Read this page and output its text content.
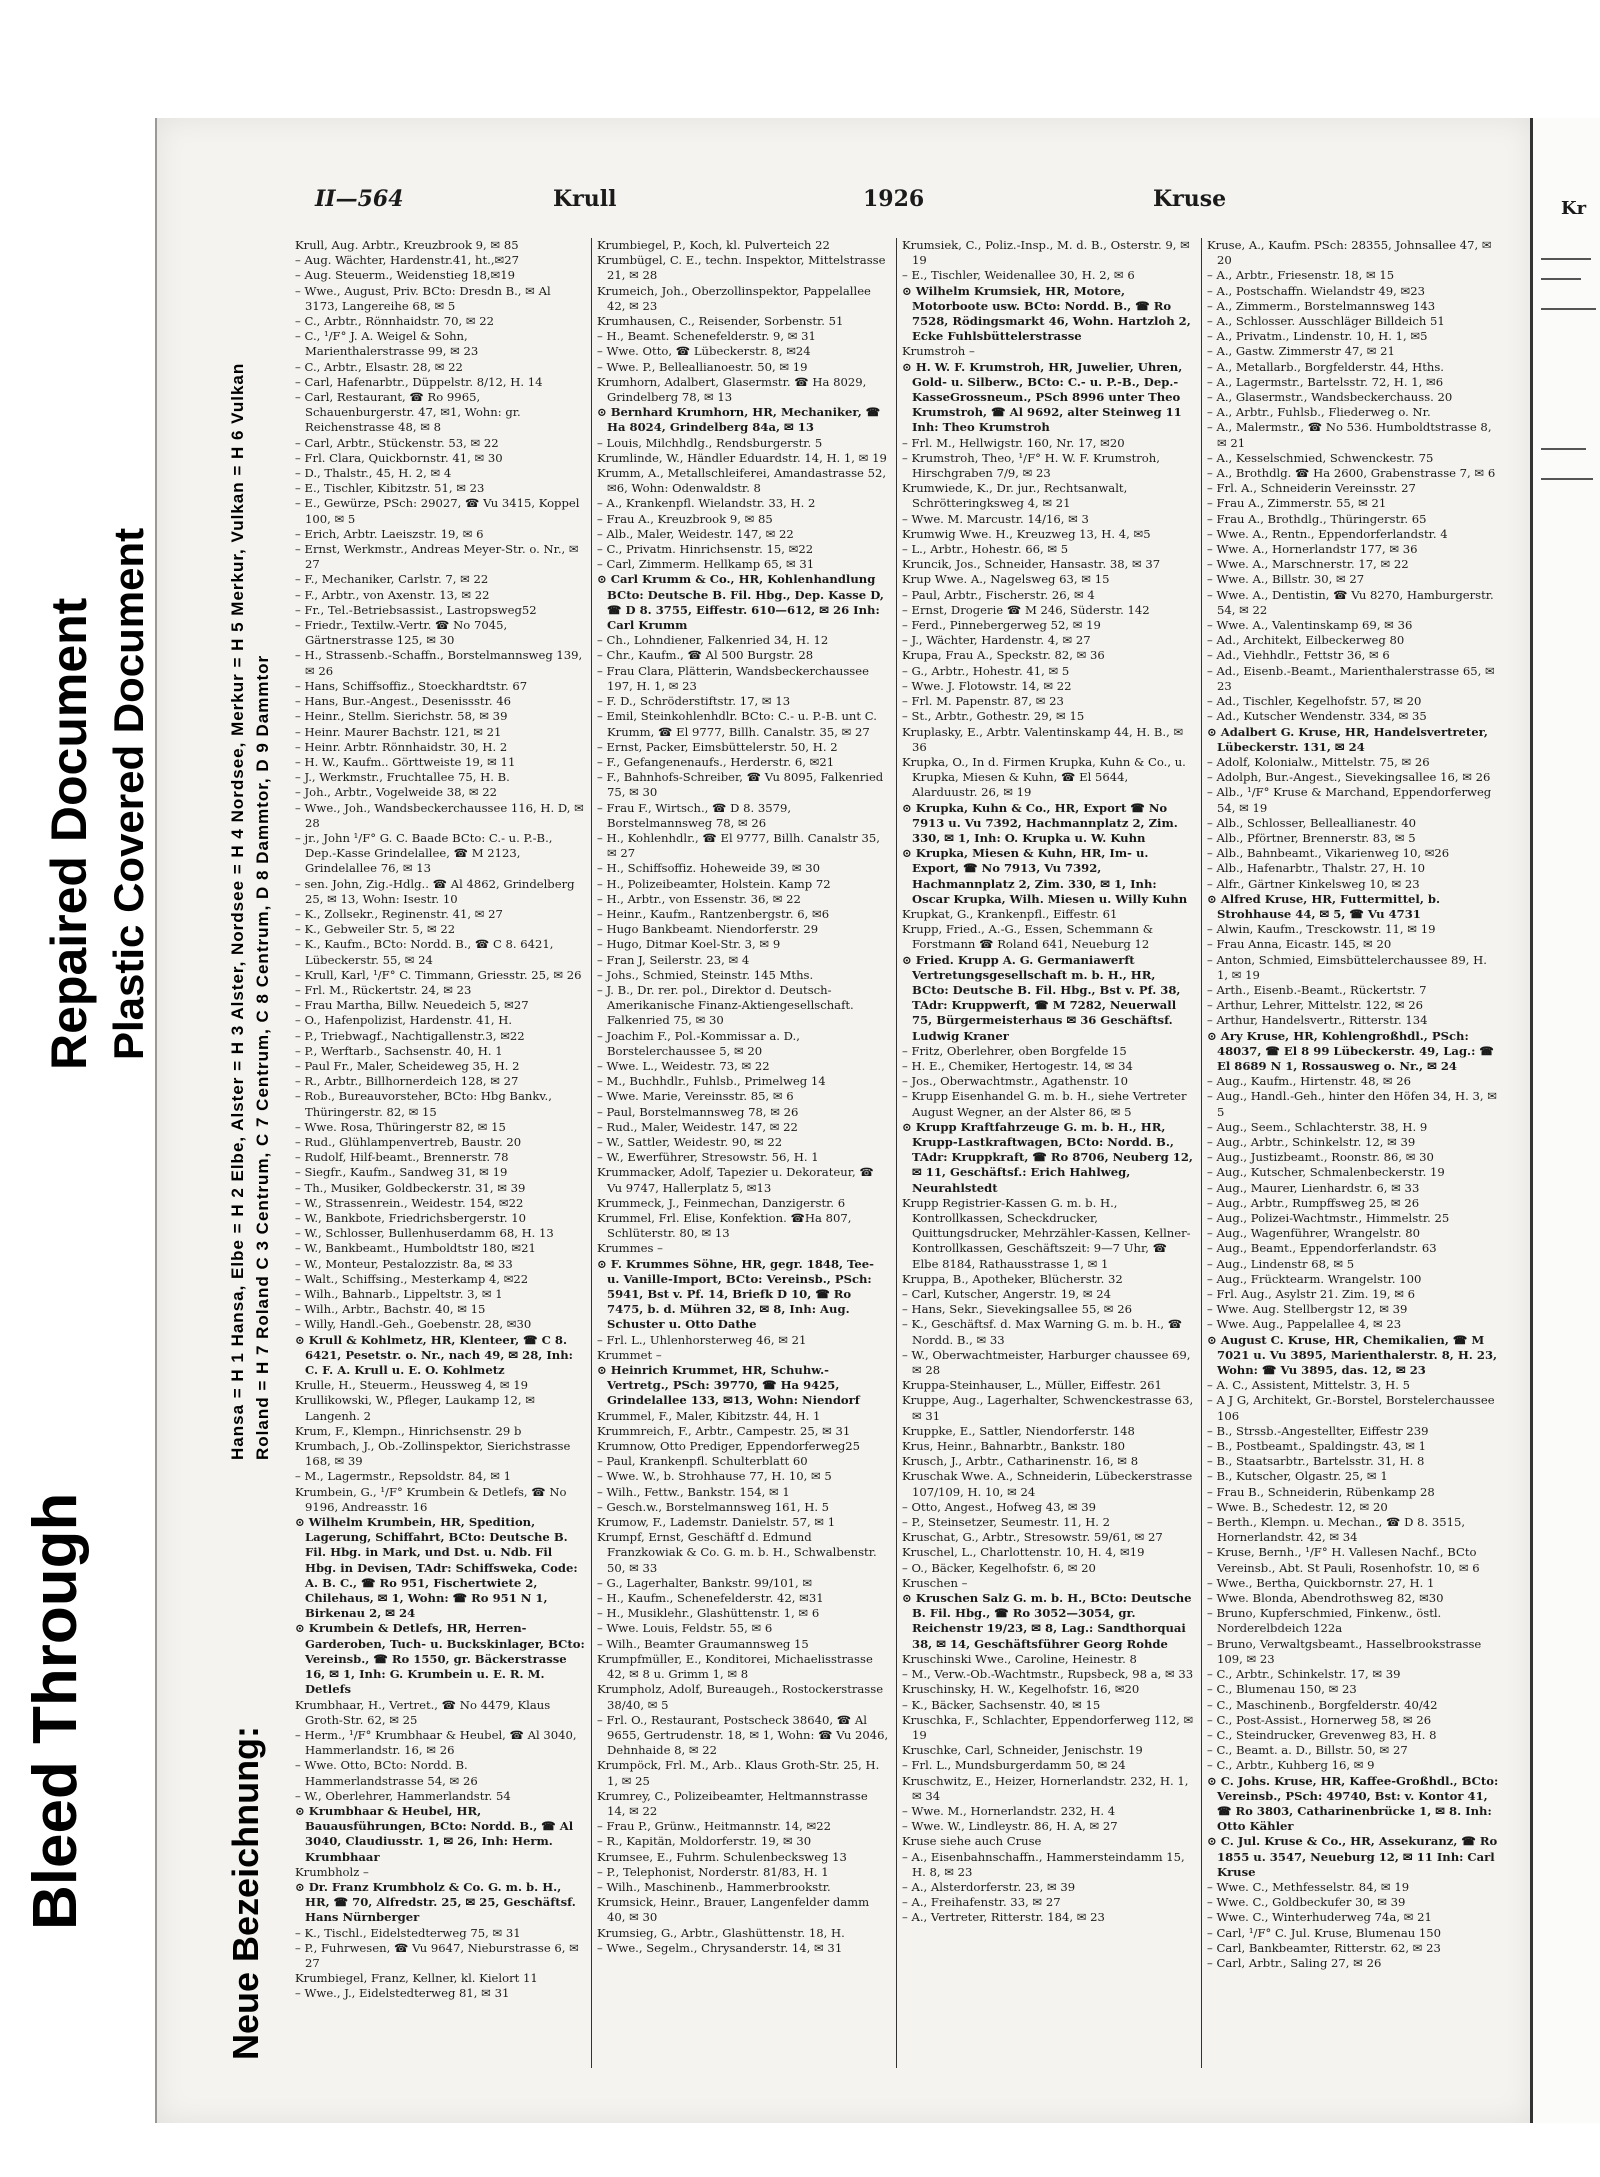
Bleed Through
Repaired Document Plastic Covered Document
Neue Bezeichnung:
Hansa = H 1 Hansa, Elbe = H 2 Elbe, Alster = H 3 Alster, Nordsee = H 4 Nordsee, Merkur = H 5 Merkur, Vulkan = H 6 Vulkan Roland = H 7 Roland C 3 Centrum, C 7 Centrum, C 8 Centrum, D 8 Dammtor, D 9 Dammtor
Kr
II—564	Krull	1926	Kruse
Krull, Aug. Arbtr., Kreuzbrook 9, ✉ 85
– Aug. Wächter, Hardenstr.41, ht.,✉27
– Aug. Steuerm., Weidenstieg 18,✉19
– Wwe., August, Priv. BCto: Dresdn B., ✉ Al 3173, Langereihe 68, ✉ 5
– C., Arbtr., Rönnhaidstr. 70, ✉ 22
– C., ¹/F° J. A. Weigel & Sohn, Marienthalerstrasse 99, ✉ 23
– C., Arbtr., Elsastr. 28, ✉ 22
– Carl, Hafenarbtr., Düppelstr. 8/12, H. 14
– Carl, Restaurant, ☎ Ro 9965, Schauenburgerstr. 47, ✉1, Wohn: gr. Reichenstrasse 48, ✉ 8
– Carl, Arbtr., Stückenstr. 53, ✉ 22
– Frl. Clara, Quickbornstr. 41, ✉ 30
– D., Thalstr., 45, H. 2, ✉ 4
– E., Tischler, Kibitzstr. 51, ✉ 23
– E., Gewürze, PSch: 29027, ☎ Vu 3415, Koppel 100, ✉ 5
– Erich, Arbtr. Laeiszstr. 19, ✉ 6
– Ernst, Werkmstr., Andreas Meyer-Str. o. Nr., ✉ 27
– F., Mechaniker, Carlstr. 7, ✉ 22
– F., Arbtr., von Axenstr. 13, ✉ 22
– Fr., Tel.-Betriebsassist., Lastropsweg52
– Friedr., Textilw.-Vertr. ☎ No 7045, Gärtnerstrasse 125, ✉ 30
– H., Strassenb.-Schaffn., Borstelmannsweg 139, ✉ 26
– Hans, Schiffsoffiz., Stoeckhardtstr. 67
– Hans, Bur.-Angest., Desenissstr. 46
– Heinr., Stellm. Sierichstr. 58, ✉ 39
– Heinr. Maurer Bachstr. 121, ✉ 21
– Heinr. Arbtr. Rönnhaidstr. 30, H. 2
– H. W., Kaufm.. Görttweiste 19, ✉ 11
– J., Werkmstr., Fruchtallee 75, H. B.
– Joh., Arbtr., Vogelweide 38, ✉ 22
– Wwe., Joh., Wandsbeckerchaussee 116, H. D, ✉ 28
– jr., John ¹/F° G. C. Baade BCto: C.- u. P.-B., Dep.-Kasse Grindelallee, ☎ M 2123, Grindelallee 76, ✉ 13
– sen. John, Zig.-Hdlg.. ☎ Al 4862, Grindelberg 25, ✉ 13, Wohn: Isestr. 10
– K., Zollsekr., Reginenstr. 41, ✉ 27
– K., Gebweiler Str. 5, ✉ 22
– K., Kaufm., BCto: Nordd. B., ☎ C 8. 6421, Lübeckerstr. 55, ✉ 24
– Krull, Karl, ¹/F° C. Timmann, Griesstr. 25, ✉ 26
– Frl. M., Rückertstr. 24, ✉ 23
– Frau Martha, Billw. Neuedeich 5, ✉27
– O., Hafenpolizist, Hardenstr. 41, H.
– P., Triebwagf., Nachtigallenstr.3, ✉22
– P., Werftarb., Sachsenstr. 40, H. 1
– Paul Fr., Maler, Scheideweg 35, H. 2
– R., Arbtr., Billhornerdeich 128, ✉ 27
– Rob., Bureauvorsteher, BCto: Hbg Bankv., Thüringerstr. 82, ✉ 15
– Wwe. Rosa, Thüringerstr 82, ✉ 15
– Rud., Glühlampenvertreb, Baustr. 20
– Rudolf, Hilf-beamt., Brennerstr. 78
– Siegfr., Kaufm., Sandweg 31, ✉ 19
– Th., Musiker, Goldbeckerstr. 31, ✉ 39
– W., Strassenrein., Weidestr. 154, ✉22
– W., Bankbote, Friedrichsbergerstr. 10
– W., Schlosser, Bullenhuserdamm 68, H. 13
– W., Bankbeamt., Humboldtstr 180, ✉21
– W., Monteur, Pestalozzistr. 8a, ✉ 33
– Walt., Schiffsing., Mesterkamp 4, ✉22
– Wilh., Bahnarb., Lippeltstr. 3, ✉ 1
– Wilh., Arbtr., Bachstr. 40, ✉ 15
– Willy, Handl.-Geh., Goebenstr. 28, ✉30
⊙ Krull & Kohlmetz, HR, Klenteer, ☎ C 8. 6421, Pesetstr. o. Nr., nach 49, ✉ 28, Inh: C. F. A. Krull u. E. O. Kohlmetz
Krulle, H., Steuerm., Heussweg 4, ✉ 19
Krullikowski, W., Pfleger, Laukamp 12, ✉ Langenh. 2
Krum, F., Klempn., Hinrichsenstr. 29 b
Krumbach, J., Ob.-Zollinspektor, Sierichstrasse 168, ✉ 39
– M., Lagermstr., Repsoldstr. 84, ✉ 1
Krumbein, G., ¹/F° Krumbein & Detlefs, ☎ No 9196, Andreasstr. 16
⊙ Wilhelm Krumbein, HR, Spedition, Lagerung, Schiffahrt, BCto: Deutsche B. Fil. Hbg. in Mark, und Dst. u. Ndb. Fil Hbg. in Devisen, TAdr: Schiffsweka, Code: A. B. C., ☎ Ro 951, Fischertwiete 2, Chilehaus, ✉ 1, Wohn: ☎ Ro 951 N 1, Birkenau 2, ✉ 24
⊙ Krumbein & Detlefs, HR, Herren-Garderoben, Tuch- u. Buckskinlager, BCto: Vereinsb., ☎ Ro 1550, gr. Bäckerstrasse 16, ✉ 1, Inh: G. Krumbein u. E. R. M. Detlefs
Krumbhaar, H., Vertret., ☎ No 4479, Klaus Groth-Str. 62, ✉ 25
– Herm., ¹/F° Krumbhaar & Heubel, ☎ Al 3040, Hammerlandstr. 16, ✉ 26
– Wwe. Otto, BCto: Nordd. B. Hammerlandstrasse 54, ✉ 26
– W., Oberlehrer, Hammerlandstr. 54
⊙ Krumbhaar & Heubel, HR, Bauausführungen, BCto: Nordd. B., ☎ Al 3040, Claudiusstr. 1, ✉ 26, Inh: Herm. Krumbhaar
Krumbholz –
⊙ Dr. Franz Krumbholz & Co. G. m. b. H., HR, ☎ 70, Alfredstr. 25, ✉ 25, Geschäftsf. Hans Nürnberger
– K., Tischl., Eidelstedterweg 75, ✉ 31
– P., Fuhrwesen, ☎ Vu 9647, Nieburstrasse 6, ✉ 27
Krumbiegel, Franz, Kellner, kl. Kielort 11
– Wwe., J., Eidelstedterweg 81, ✉ 31
Krumbiegel, P., Koch, kl. Pulverteich 22
Krumbügel, C. E., techn. Inspektor, Mittelstrasse 21, ✉ 28
Krumeich, Joh., Oberzollinspektor, Pappelallee 42, ✉ 23
Krumhausen, C., Reisender, Sorbenstr. 51
– H., Beamt. Schenefelderstr. 9, ✉ 31
– Wwe. Otto, ☎ Lübeckerstr. 8, ✉24
– Wwe. P., Belleallianoestr. 50, ✉ 19
Krumhorn, Adalbert, Glasermstr. ☎ Ha 8029, Grindelberg 78, ✉ 13
⊙ Bernhard Krumhorn, HR, Mechaniker, ☎ Ha 8024, Grindelberg 84a, ✉ 13
– Louis, Milchhdlg., Rendsburgerstr. 5
Krumlinde, W., Händler Eduardstr. 14, H. 1, ✉ 19
Krumm, A., Metallschleiferei, Amandastrasse 52, ✉6, Wohn: Odenwaldstr. 8
– A., Krankenpfl. Wielandstr. 33, H. 2
– Frau A., Kreuzbrook 9, ✉ 85
– Alb., Maler, Weidestr. 147, ✉ 22
– C., Privatm. Hinrichsenstr. 15, ✉22
– Carl, Zimmerm. Hellkamp 65, ✉ 31
⊙ Carl Krumm & Co., HR, Kohlenhandlung BCto: Deutsche B. Fil. Hbg., Dep. Kasse D, ☎ D 8. 3755, Eiffestr. 610—612, ✉ 26 Inh: Carl Krumm
– Ch., Lohndiener, Falkenried 34, H. 12
– Chr., Kaufm., ☎ Al 500 Burgstr. 28
– Frau Clara, Plätterin, Wandsbeckerchaussee 197, H. 1, ✉ 23
– F. D., Schröderstiftstr. 17, ✉ 13
– Emil, Steinkohlenhdlr. BCto: C.- u. P.-B. unt C. Krumm, ☎ El 9777, Billh. Canalstr. 35, ✉ 27
– Ernst, Packer, Eimsbüttelerstr. 50, H. 2
– F., Gefangenenaufs., Herderstr. 6, ✉21
– F., Bahnhofs-Schreiber, ☎ Vu 8095, Falkenried 75, ✉ 30
– Frau F., Wirtsch., ☎ D 8. 3579, Borstelmannsweg 78, ✉ 26
– H., Kohlenhdlr., ☎ El 9777, Billh. Canalstr 35, ✉ 27
– H., Schiffsoffiz. Hoheweide 39, ✉ 30
– H., Polizeibeamter, Holstein. Kamp 72
– H., Arbtr., von Essenstr. 36, ✉ 22
– Heinr., Kaufm., Rantzenbergstr. 6, ✉6
– Hugo Bankbeamt. Niendorferstr. 29
– Hugo, Ditmar Koel-Str. 3, ✉ 9
– Fran J, Seilerstr. 23, ✉ 4
– Johs., Schmied, Steinstr. 145 Mths.
– J. B., Dr. rer. pol., Direktor d. Deutsch-Amerikanische Finanz-Aktiengesellschaft. Falkenried 75, ✉ 30
– Joachim F., Pol.-Kommissar a. D., Borstelerchaussee 5, ✉ 20
– Wwe. L., Weidestr. 73, ✉ 22
– M., Buchhdlr., Fuhlsb., Primelweg 14
– Wwe. Marie, Vereinsstr. 85, ✉ 6
– Paul, Borstelmannsweg 78, ✉ 26
– Rud., Maler, Weidestr. 147, ✉ 22
– W., Sattler, Weidestr. 90, ✉ 22
– W., Ewerführer, Stresowstr. 56, H. 1
Krummacker, Adolf, Tapezier u. Dekorateur, ☎ Vu 9747, Hallerplatz 5, ✉13
Krummeck, J., Feinmechan, Danzigerstr. 6
Krummel, Frl. Elise, Konfektion. ☎Ha 807, Schlüterstr. 80, ✉ 13
Krummes –
⊙ F. Krummes Söhne, HR, gegr. 1848, Tee- u. Vanille-Import, BCto: Vereinsb., PSch: 5941, Bst v. Pf. 14, Briefk D 10, ☎ Ro 7475, b. d. Mühren 32, ✉ 8, Inh: Aug. Schuster u. Otto Dathe
– Frl. L., Uhlenhorsterweg 46, ✉ 21
Krummet –
⊙ Heinrich Krummet, HR, Schuhw.-Vertretg., PSch: 39770, ☎ Ha 9425, Grindelallee 133, ✉13, Wohn: Niendorf
Krummel, F., Maler, Kibitzstr. 44, H. 1
Krummreich, F., Arbtr., Campestr. 25, ✉ 31
Krumnow, Otto Prediger, Eppendorferweg25
– Paul, Krankenpfl. Schulterblatt 60
– Wwe. W., b. Strohhause 77, H. 10, ✉ 5
– Wilh., Fettw., Bankstr. 154, ✉ 1
– Gesch.w., Borstelmannsweg 161, H. 5
Krumow, F., Lademstr. Danielstr. 57, ✉ 1
Krumpf, Ernst, Geschäftf d. Edmund Franzkowiak & Co. G. m. b. H., Schwalbenstr. 50, ✉ 33
– G., Lagerhalter, Bankstr. 99/101, ✉
– H., Kaufm., Schenefelderstr. 42, ✉31
– H., Musiklehr., Glashüttenstr. 1, ✉ 6
– Wwe. Louis, Feldstr. 55, ✉ 6
– Wilh., Beamter Graumannsweg 15
Krumpfmüller, E., Konditorei, Michaelisstrasse 42, ✉ 8 u. Grimm 1, ✉ 8
Krumpholz, Adolf, Bureaugeh., Rostockerstrasse 38/40, ✉ 5
– Frl. O., Restaurant, Postscheck 38640, ☎ Al 9655, Gertrudenstr. 18, ✉ 1, Wohn: ☎ Vu 2046, Dehnhaide 8, ✉ 22
Krumpöck, Frl. M., Arb.. Klaus Groth-Str. 25, H. 1, ✉ 25
Krumrey, C., Polizeibeamter, Heltmannstrasse 14, ✉ 22
– Frau P., Grünw., Heitmannstr. 14, ✉22
– R., Kapitän, Moldorferstr. 19, ✉ 30
Krumsee, E., Fuhrm. Schulenbecksweg 13
– P., Telephonist, Norderstr. 81/83, H. 1
– Wilh., Maschinenb., Hammerbrookstr.
Krumsick, Heinr., Brauer, Langenfelder damm 40, ✉ 30
Krumsieg, G., Arbtr., Glashüttenstr. 18, H.
– Wwe., Segelm., Chrysanderstr. 14, ✉ 31
Krumsiek, C., Poliz.-Insp., M. d. B., Osterstr. 9, ✉ 19
– E., Tischler, Weidenallee 30, H. 2, ✉ 6
⊙ Wilhelm Krumsiek, HR, Motore, Motorboote usw. BCto: Nordd. B., ☎ Ro 7528, Rödingsmarkt 46, Wohn. Hartzloh 2, Ecke Fuhlsbüttelerstrasse
Krumstroh –
⊙ H. W. F. Krumstroh, HR, Juwelier, Uhren, Gold- u. Silberw., BCto: C.- u. P.-B., Dep.-KasseGrossneum., PSch 8996 unter Theo Krumstroh, ☎ Al 9692, alter Steinweg 11 Inh: Theo Krumstroh
– Frl. M., Hellwigstr. 160, Nr. 17, ✉20
– Krumstroh, Theo, ¹/F° H. W. F. Krumstroh, Hirschgraben 7/9, ✉ 23
Krumwiede, K., Dr. jur., Rechtsanwalt, Schrötteringksweg 4, ✉ 21
– Wwe. M. Marcustr. 14/16, ✉ 3
Krumwig Wwe. H., Kreuzweg 13, H. 4, ✉5
– L., Arbtr., Hohestr. 66, ✉ 5
Kruncik, Jos., Schneider, Hansastr. 38, ✉ 37
Krup Wwe. A., Nagelsweg 63, ✉ 15
– Paul, Arbtr., Fischerstr. 26, ✉ 4
– Ernst, Drogerie ☎ M 246, Süderstr. 142
– Ferd., Pinnebergerweg 52, ✉ 19
– J., Wächter, Hardenstr. 4, ✉ 27
Krupa, Frau A., Speckstr. 82, ✉ 36
– G., Arbtr., Hohestr. 41, ✉ 5
– Wwe. J. Flotowstr. 14, ✉ 22
– Frl. M. Papenstr. 87, ✉ 23
– St., Arbtr., Gothestr. 29, ✉ 15
Kruplasky, E., Arbtr. Valentinskamp 44, H. B., ✉36
Krupka, O., In d. Firmen Krupka, Kuhn & Co., u. Krupka, Miesen & Kuhn, ☎ El 5644, Alarduustr. 26, ✉ 19
⊙ Krupka, Kuhn & Co., HR, Export ☎ No 7913 u. Vu 7392, Hachmannplatz 2, Zim. 330, ✉ 1, Inh: O. Krupka u. W. Kuhn
⊙ Krupka, Miesen & Kuhn, HR, Im- u. Export, ☎ No 7913, Vu 7392, Hachmannplatz 2, Zim. 330, ✉ 1, Inh: Oscar Krupka, Wilh. Miesen u. Willy Kuhn
Krupkat, G., Krankenpfl., Eiffestr. 61
Krupp, Fried., A.-G., Essen, Schemmann & Forstmann ☎ Roland 641, Neueburg 12
⊙ Fried. Krupp A. G. Germaniawerft Vertretungsgesellschaft m. b. H., HR, BCto: Deutsche B. Fil. Hbg., Bst v. Pf. 38, TAdr: Kruppwerft, ☎ M 7282, Neuerwall 75, Bürgermeisterhaus ✉ 36 Geschäftsf. Ludwig Kraner
– Fritz, Oberlehrer, oben Borgfelde 15
– H. E., Chemiker, Hertogestr. 14, ✉ 34
– Jos., Oberwachtmstr., Agathenstr. 10
– Krupp Eisenhandel G. m. b. H., siehe Vertreter August Wegner, an der Alster 86, ✉ 5
⊙ Krupp Kraftfahrzeuge G. m. b. H., HR, Krupp-Lastkraftwagen, BCto: Nordd. B., TAdr: Kruppkraft, ☎ Ro 8706, Neuberg 12, ✉ 11, Geschäftsf.: Erich Hahlweg, Neurahlstedt
Krupp Registrier-Kassen G. m. b. H., Kontrollkassen, Scheckdrucker, Quittungsdrucker, Mehrzähler-Kassen, Kellner-Kontrollkassen, Geschäftszeit: 9—7 Uhr, ☎ Elbe 8184, Rathausstrasse 1, ✉ 1
Kruppa, B., Apotheker, Blücherstr. 32
– Carl, Kutscher, Angerstr. 19, ✉ 24
– Hans, Sekr., Sievekingsallee 55, ✉ 26
– K., Geschäftsf. d. Max Warning G. m. b. H., ☎ Nordd. B., ✉ 33
– W., Oberwachtmeister, Harburger chaussee 69, ✉ 28
Kruppa-Steinhauser, L., Müller, Eiffestr. 261
Kruppe, Aug., Lagerhalter, Schwenckestrasse 63, ✉ 31
Kruppke, E., Sattler, Niendorferstr. 148
Krus, Heinr., Bahnarbtr., Bankstr. 180
Krusch, J., Arbtr., Catharinenstr. 16, ✉ 8
Kruschak Wwe. A., Schneiderin, Lübeckerstrasse 107/109, H. 10, ✉ 24
– Otto, Angest., Hofweg 43, ✉ 39
– P., Steinsetzer, Seumestr. 11, H. 2
Kruschat, G., Arbtr., Stresowstr. 59/61, ✉ 27
Kruschel, L., Charlottenstr. 10, H. 4, ✉19
– O., Bäcker, Kegelhofstr. 6, ✉ 20
Kruschen –
⊙ Kruschen Salz G. m. b. H., BCto: Deutsche B. Fil. Hbg., ☎ Ro 3052—3054, gr. Reichenstr 19/23, ✉ 8, Lag.: Sandthorquai 38, ✉ 14, Geschäftsführer Georg Rohde
Kruschinski Wwe., Caroline, Heinestr. 8
– M., Verw.-Ob.-Wachtmstr., Rupsbeck, 98 a, ✉ 33
Kruschinsky, H. W., Kegelhofstr. 16, ✉20
– K., Bäcker, Sachsenstr. 40, ✉ 15
Kruschka, F., Schlachter, Eppendorferweg 112, ✉ 19
Kruschke, Carl, Schneider, Jenischstr. 19
– Frl. L., Mundsburgerdamm 50, ✉ 24
Kruschwitz, E., Heizer, Hornerlandstr. 232, H. 1, ✉ 34
– Wwe. M., Hornerlandstr. 232, H. 4
– Wwe. W., Lindleystr. 86, H. A, ✉ 27
Kruse siehe auch Cruse
– A., Eisenbahnschaffn., Hammersteindamm 15, H. 8, ✉ 23
– A., Alsterdorferstr. 23, ✉ 39
– A., Freihafenstr. 33, ✉ 27
– A., Vertreter, Ritterstr. 184, ✉ 23
Kruse, A., Kaufm. PSch: 28355, Johnsallee 47, ✉ 20
– A., Arbtr., Friesenstr. 18, ✉ 15
– A., Postschaffn. Wielandstr 49, ✉23
– A., Zimmerm., Borstelmannsweg 143
– A., Schlosser. Ausschläger Billdeich 51
– A., Privatm., Lindenstr. 10, H. 1, ✉5
– A., Gastw. Zimmerstr 47, ✉ 21
– A., Metallarb., Borgfelderstr. 44, Hths.
– A., Lagermstr., Bartelsstr. 72, H. 1, ✉6
– A., Glasermstr., Wandsbeckerchauss. 20
– A., Arbtr., Fuhlsb., Fliederweg o. Nr.
– A., Malermstr., ☎ No 536. Humboldtstrasse 8, ✉ 21
– A., Kesselschmied, Schwenckestr. 75
– A., Brothdlg. ☎ Ha 2600, Grabenstrasse 7, ✉ 6
– Frl. A., Schneiderin Vereinsstr. 27
– Frau A., Zimmerstr. 55, ✉ 21
– Frau A., Brothdlg., Thüringerstr. 65
– Wwe. A., Rentn., Eppendorferlandstr. 4
– Wwe. A., Hornerlandstr 177, ✉ 36
– Wwe. A., Marschnerstr. 17, ✉ 22
– Wwe. A., Billstr. 30, ✉ 27
– Wwe. A., Dentistin, ☎ Vu 8270, Hamburgerstr. 54, ✉ 22
– Wwe. A., Valentinskamp 69, ✉ 36
– Ad., Architekt, Eilbeckerweg 80
– Ad., Viehhdlr., Fettstr 36, ✉ 6
– Ad., Eisenb.-Beamt., Marienthalerstrasse 65, ✉ 23
– Ad., Tischler, Kegelhofstr. 57, ✉ 20
– Ad., Kutscher Wendenstr. 334, ✉ 35
⊙ Adalbert G. Kruse, HR, Handelsvertreter, Lübeckerstr. 131, ✉ 24
– Adolf, Kolonialw., Mittelstr. 75, ✉ 26
– Adolph, Bur.-Angest., Sievekingsallee 16, ✉ 26
– Alb., ¹/F° Kruse & Marchand, Eppendorferweg 54, ✉ 19
– Alb., Schlosser, Belleallianestr. 40
– Alb., Pförtner, Brennerstr. 83, ✉ 5
– Alb., Bahnbeamt., Vikarienweg 10, ✉26
– Alb., Hafenarbtr., Thalstr. 27, H. 10
– Alfr., Gärtner Kinkelsweg 10, ✉ 23
⊙ Alfred Kruse, HR, Futtermittel, b. Strohhause 44, ✉ 5, ☎ Vu 4731
– Alwin, Kaufm., Tresckowstr. 11, ✉ 19
– Frau Anna, Eicastr. 145, ✉ 20
– Anton, Schmied, Eimsbüttelerchaussee 89, H. 1, ✉ 19
– Arth., Eisenb.-Beamt., Rückertstr. 7
– Arthur, Lehrer, Mittelstr. 122, ✉ 26
– Arthur, Handelsvertr., Ritterstr. 134
⊙ Ary Kruse, HR, Kohlengroßhdl., PSch: 48037, ☎ El 8 99 Lübeckerstr. 49, Lag.: ☎ El 8689 N 1, Rossausweg o. Nr., ✉ 24
– Aug., Kaufm., Hirtenstr. 48, ✉ 26
– Aug., Handl.-Geh., hinter den Höfen 34, H. 3, ✉ 5
– Aug., Seem., Schlachterstr. 38, H. 9
– Aug., Arbtr., Schinkelstr. 12, ✉ 39
– Aug., Justizbeamt., Roonstr. 86, ✉ 30
– Aug., Kutscher, Schmalenbeckerstr. 19
– Aug., Maurer, Lienhardstr. 6, ✉ 33
– Aug., Arbtr., Rumpffsweg 25, ✉ 26
– Aug., Polizei-Wachtmstr., Himmelstr. 25
– Aug., Wagenführer, Wrangelstr. 80
– Aug., Beamt., Eppendorferlandstr. 63
– Aug., Lindenstr 68, ✉ 5
– Aug., Frücktearm. Wrangelstr. 100
– Frl. Aug., Asylstr 21. Zim. 19, ✉ 6
– Wwe. Aug. Stellbergstr 12, ✉ 39
– Wwe. Aug., Pappelallee 4, ✉ 23
⊙ August C. Kruse, HR, Chemikalien, ☎ M 7021 u. Vu 3895, Marienthalerstr. 8, H. 23, Wohn: ☎ Vu 3895, das. 12, ✉ 23
– A. C., Assistent, Mittelstr. 3, H. 5
– A J G, Architekt, Gr.-Borstel, Borstelerchaussee 106
– B., Strssb.-Angestellter, Eiffestr 239
– B., Postbeamt., Spaldingstr. 43, ✉ 1
– B., Staatsarbtr., Bartelsstr. 31, H. 8
– B., Kutscher, Olgastr. 25, ✉ 1
– Frau B., Schneiderin, Rübenkamp 28
– Wwe. B., Schedestr. 12, ✉ 20
– Berth., Klempn. u. Mechan., ☎ D 8. 3515, Hornerlandstr. 42, ✉ 34
– Kruse, Bernh., ¹/F° H. Vallesen Nachf., BCto Vereinsb., Abt. St Pauli, Rosenhofstr. 10, ✉ 6
– Wwe., Bertha, Quickbornstr. 27, H. 1
– Wwe. Blonda, Abendrothsweg 82, ✉30
– Bruno, Kupferschmied, Finkenw., östl. Norderelbdeich 122a
– Bruno, Verwaltgsbeamt., Hasselbrookstrasse 109, ✉ 23
– C., Arbtr., Schinkelstr. 17, ✉ 39
– C., Blumenau 150, ✉ 23
– C., Maschinenb., Borgfelderstr. 40/42
– C., Post-Assist., Hornerweg 58, ✉ 26
– C., Steindrucker, Grevenweg 83, H. 8
– C., Beamt. a. D., Billstr. 50, ✉ 27
– C., Arbtr., Kuhberg 16, ✉ 9
⊙ C. Johs. Kruse, HR, Kaffee-Großhdl., BCto: Vereinsb., PSch: 49740, Bst: v. Kontor 41, ☎ Ro 3803, Catharinenbrücke 1, ✉ 8. Inh: Otto Kähler
⊙ C. Jul. Kruse & Co., HR, Assekuranz, ☎ Ro 1855 u. 3547, Neueburg 12, ✉ 11 Inh: Carl Kruse
– Wwe. C., Methfesselstr. 84, ✉ 19
– Wwe. C., Goldbeckufer 30, ✉ 39
– Wwe. C., Winterhuderweg 74a, ✉ 21
– Carl, ¹/F° C. Jul. Kruse, Blumenau 150
– Carl, Bankbeamter, Ritterstr. 62, ✉ 23
– Carl, Arbtr., Saling 27, ✉ 26
